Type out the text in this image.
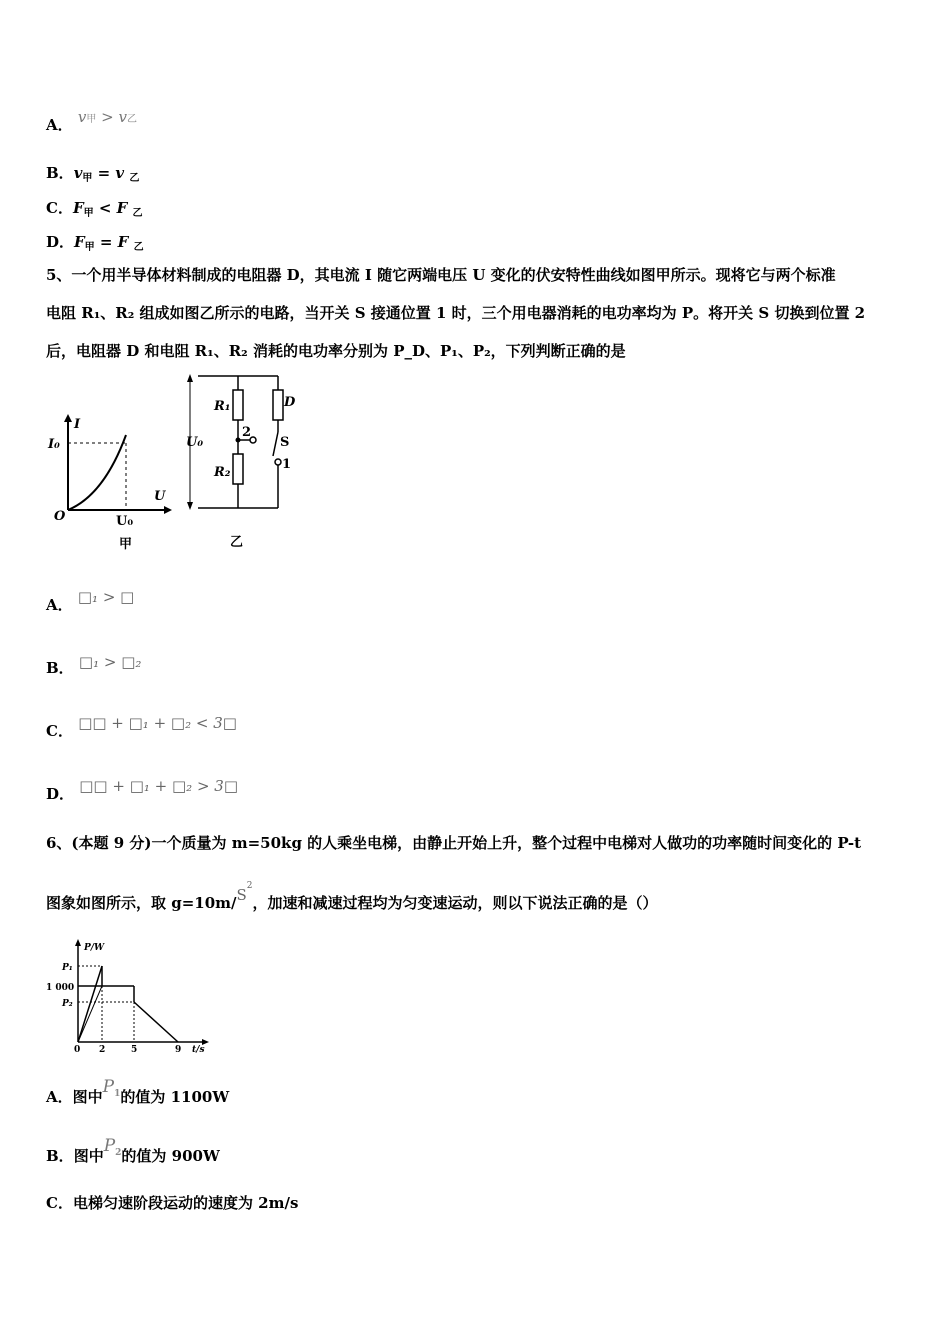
A． v甲 > v乙
B．$v_甲 = v$ $_乙$
C．$F_甲 < F$ $_乙$
D．$F_甲 = F$ $_乙$
5、一个用半导体材料制成的电阻器 D，其电流 I 随它两端电压 U 变化的伏安特性曲线如图甲所示。现将它与两个标准
电阻 R₁、R₂ 组成如图乙所示的电路，当开关 S 接通位置 1 时，三个用电器消耗的电功率均为 P。将开关 S 切换到位置 2
后，电阻器 D 和电阻 R₁、R₂ 消耗的电功率分别为 P_D、P₁、P₂，下列判断正确的是
I
U
I₀
U₀
O
甲
U₀
R₁
R₂
2
D
S
1
乙
A． □₁ > □
B． □₁ > □₂
C． □□ + □₁ + □₂ < 3□
D． □□ + □₁ + □₂ > 3□
6、(本题 9 分)一个质量为 m=50kg 的人乘坐电梯，由静止开始上升，整个过程中电梯对人做功的功率随时间变化的 P-t
图象如图所示，取 $g=10m/S^2$，加速和减速过程均为匀变速运动，则以下说法正确的是（）
P/W
t/s
P₁
1 000
P₂
0 2	5	9
A．图中$P^1$的值为 1100W
B．图中$P^2$的值为 900W
C．电梯匀速阶段运动的速度为 2m/s
